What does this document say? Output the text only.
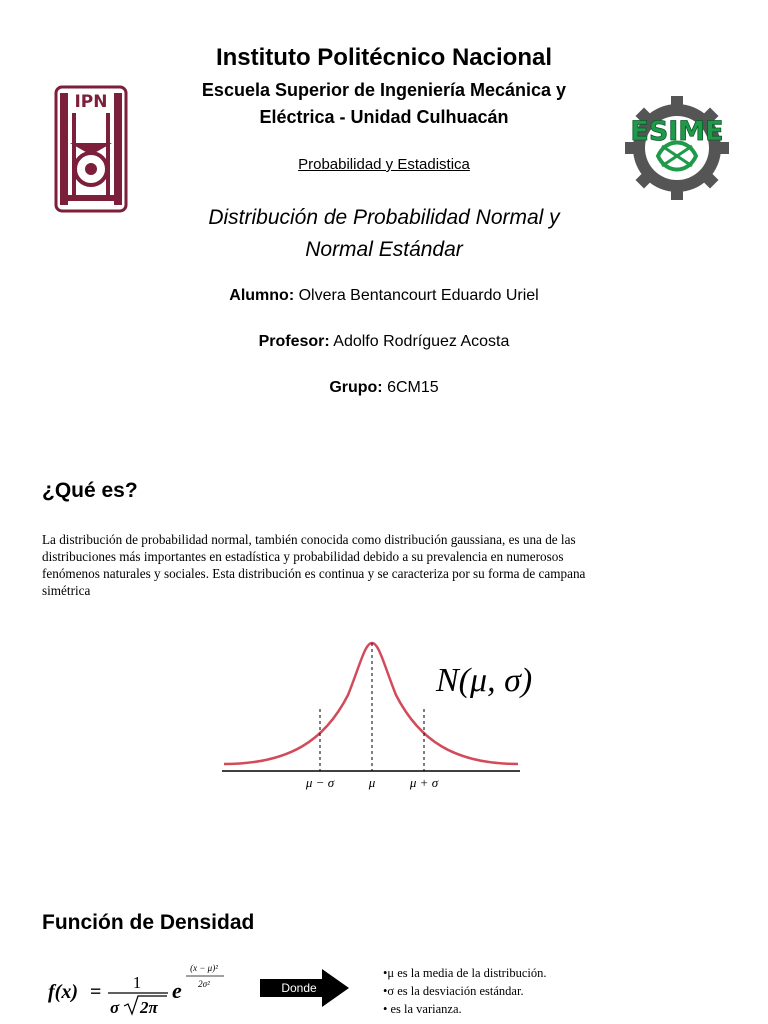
Instituto Politécnico Nacional
Escuela Superior de Ingeniería Mecánica y
Eléctrica - Unidad Culhuacán
Probabilidad y Estadistica
Distribución de Probabilidad Normal y
Normal Estándar
IPN
ESIME
Alumno: Olvera Bentancourt Eduardo Uriel
Profesor: Adolfo Rodríguez Acosta
Grupo: 6CM15
¿Qué es?
La distribución de probabilidad normal, también conocida como distribución gaussiana, es una de las
distribuciones más importantes en estadística y probabilidad debido a su prevalencia en numerosos
fenómenos naturales y sociales. Esta distribución es continua y se caracteriza por su forma de campana
simétrica
μ − σ	μ	μ + σ
N(μ, σ)
Función de Densidad
f(x) = 1
σ 2π
e
(x − μ)²
2σ²	Donde
•μ es la media de la distribución.
•σ es la desviación estándar.
• es la varianza.
